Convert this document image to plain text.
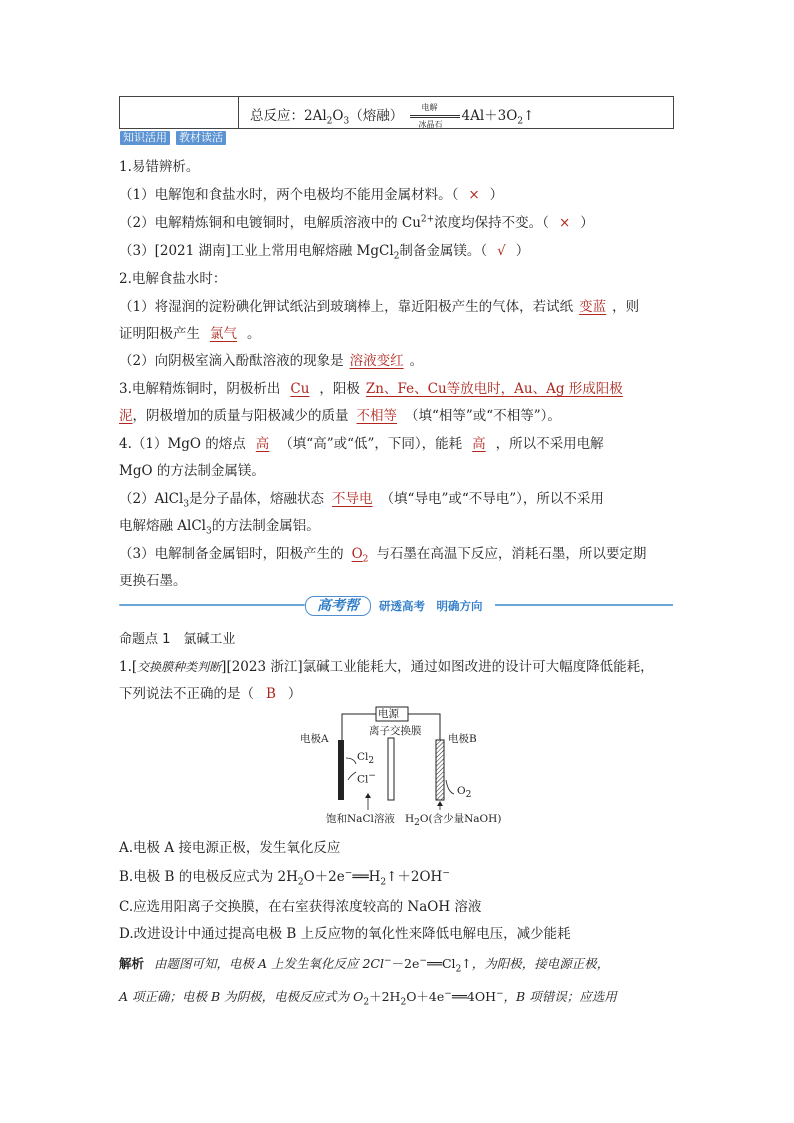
总反应：$2Al_2O_3$（熔融）
电解
冰晶石 $4Al+3O_2↑$
知识活用 教材读活
1.易错辨析。
（1）电解饱和食盐水时，两个电极均不能用金属材料。（ × ）
（2）电解精炼铜和电镀铜时，电解质溶液中的 $Cu^{2+}$浓度均保持不变。（ × ）
（3）[2021 湖南]工业上常用电解熔融 MgCl$_2$制备金属镁。（ √ ）
2.电解食盐水时：
（1）将湿润的淀粉碘化钾试纸沾到玻璃棒上，靠近阳极产生的气体，若试纸 变蓝 ，则
证明阳极产生 氯气 。
（2）向阴极室滴入酚酞溶液的现象是 溶液变红 。
3.电解精炼铜时，阴极析出 Cu ，阳极 Zn、Fe、Cu等放电时，Au、Ag 形成阳极
泥，阴极增加的质量与阳极减少的质量 不相等 （填“相等”或“不相等”）。
4.（1）MgO 的熔点 高 （填“高”或“低”，下同），能耗 高 ，所以不采用电解
MgO 的方法制金属镁。
（2）AlCl$_3$是分子晶体，熔融状态 不导电 （填“导电”或“不导电”），所以不采用
电解熔融 AlCl$_3$的方法制金属铝。
（3）电解制备金属铝时，阳极产生的 $O_2$ 与石墨在高温下反应，消耗石墨，所以要定期
更换石墨。
高考帮	研透高考　明确方向
命题点 1　氯碱工业
1.[交换膜种类判断][2023 浙江]氯碱工业能耗大，通过如图改进的设计可大幅度降低能耗，
下列说法不正确的是（ B ）
电源
离子交换膜
电极A	电极B
$Cl_2$
Cl−
$O_2$
饱和NaCl溶液 $H_2O$(含少量NaOH)
A.电极 A 接电源正极，发生氧化反应
B.电极 B 的电极反应式为 $2H_2O+2e^-══H_2↑+2OH^-$
C.应选用阳离子交换膜，在右室获得浓度较高的 NaOH 溶液
D.改进设计中通过提高电极 B 上反应物的氧化性来降低电解电压，减少能耗
解析 由题图可知，电极 A 上发生氧化反应 $2Cl^--2e^-══Cl_2↑$，为阳极，接电源正极，
A 项正确；电极 B 为阴极，电极反应式为 $O_2+2H_2O+4e^-══4OH^-$，B 项错误；应选用
